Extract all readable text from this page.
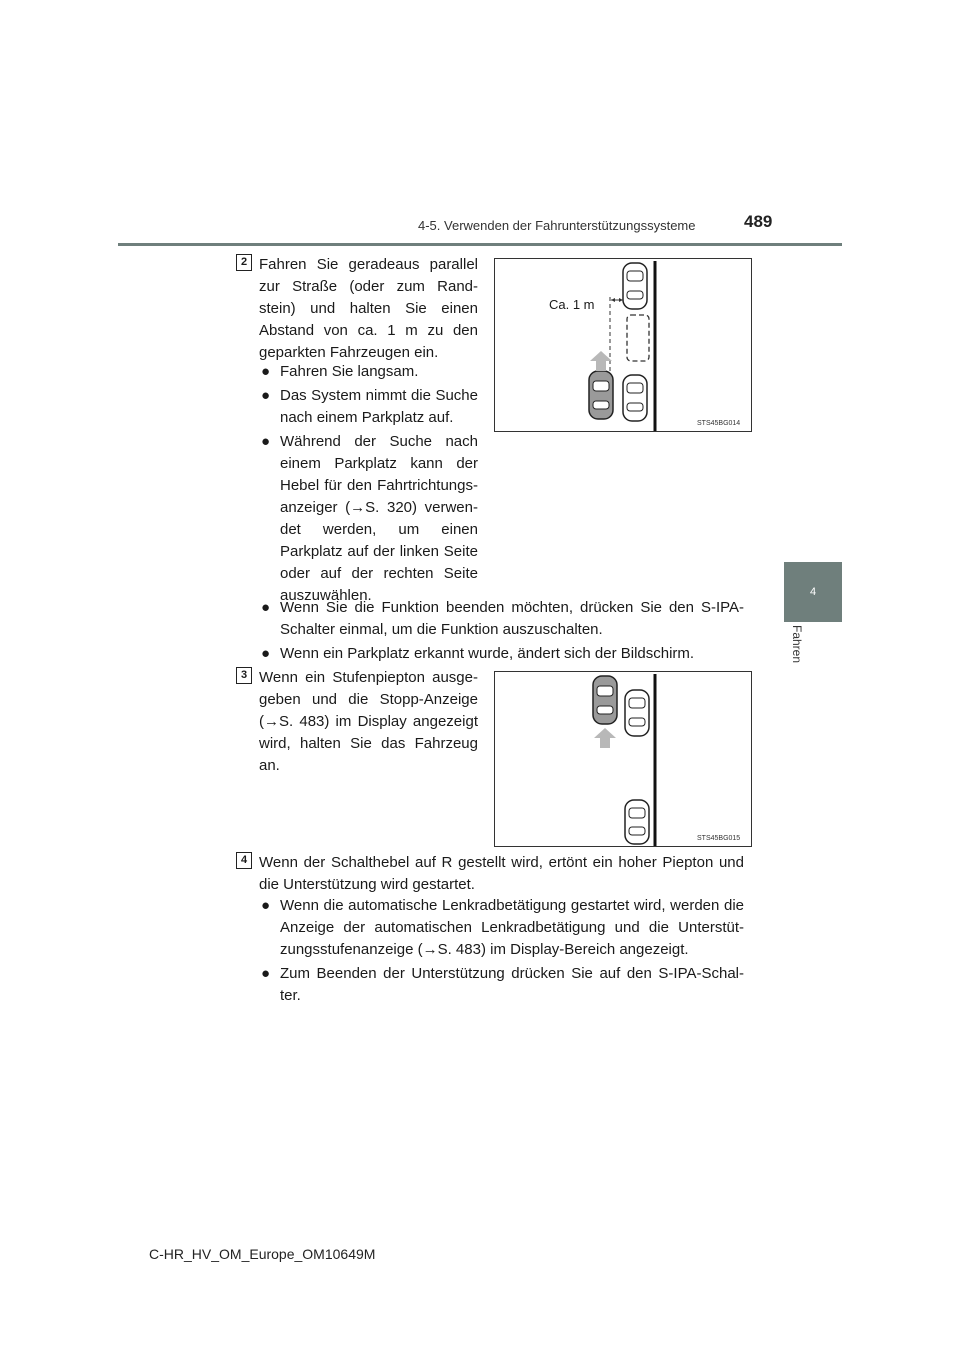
4-5. Verwenden der Fahrunterstützungssysteme	489
4
Fahren
2 Fahren Sie geradeaus parallel zur Straße (oder zum Rand-stein) und halten Sie einen Abstand von ca. 1 m zu den geparkten Fahrzeugen ein.
● Fahren Sie langsam.
● Das System nimmt die Suche nach einem Parkplatz auf.
● Während der Suche nach einem Parkplatz kann der Hebel für den Fahrtrichtungs-anzeiger (→S. 320) verwen-det werden, um einen Parkplatz auf der linken Seite oder auf der rechten Seite auszuwählen.
● Wenn Sie die Funktion beenden möchten, drücken Sie den S-IPA-Schalter einmal, um die Funktion auszuschalten.
● Wenn ein Parkplatz erkannt wurde, ändert sich der Bildschirm.
Ca. 1 m
STS45BG014
3 Wenn ein Stufenpiepton ausge-geben und die Stopp-Anzeige (→S. 483) im Display angezeigt wird, halten Sie das Fahrzeug an.
STS45BG015
4 Wenn der Schalthebel auf R gestellt wird, ertönt ein hoher Piepton und die Unterstützung wird gestartet.
● Wenn die automatische Lenkradbetätigung gestartet wird, werden die Anzeige der automatischen Lenkradbetätigung und die Unterstüt-zungsstufenanzeige (→S. 483) im Display-Bereich angezeigt.
● Zum Beenden der Unterstützung drücken Sie auf den S-IPA-Schal-ter.
C-HR_HV_OM_Europe_OM10649M
